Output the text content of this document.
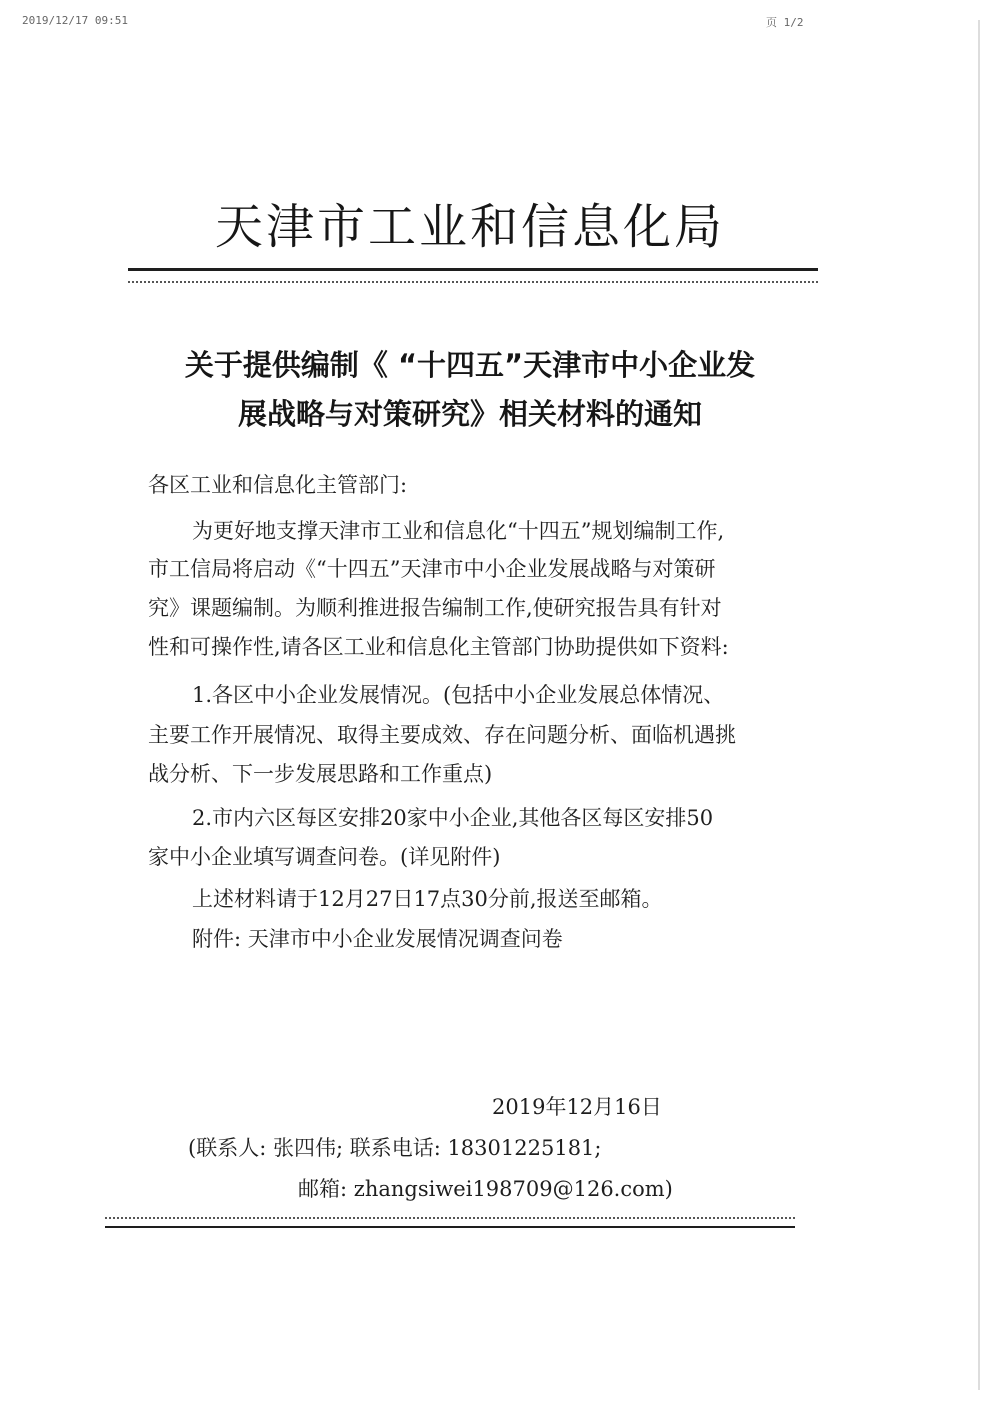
2019/12/17 09:51	页 1/2
天津市工业和信息化局
关于提供编制《 “十四五”天津市中小企业发
展战略与对策研究》相关材料的通知
各区工业和信息化主管部门:
为更好地支撑天津市工业和信息化“十四五”规划编制工作,
市工信局将启动《“十四五”天津市中小企业发展战略与对策研
究》课题编制。为顺利推进报告编制工作,使研究报告具有针对
性和可操作性,请各区工业和信息化主管部门协助提供如下资料:
1.各区中小企业发展情况。(包括中小企业发展总体情况、
主要工作开展情况、取得主要成效、存在问题分析、面临机遇挑
战分析、下一步发展思路和工作重点)
2.市内六区每区安排20家中小企业,其他各区每区安排50
家中小企业填写调查问卷。(详见附件)
上述材料请于12月27日17点30分前,报送至邮箱。
附件: 天津市中小企业发展情况调查问卷
2019年12月16日
(联系人: 张四伟; 联系电话: 18301225181;
邮箱: zhangsiwei198709@126.com)
